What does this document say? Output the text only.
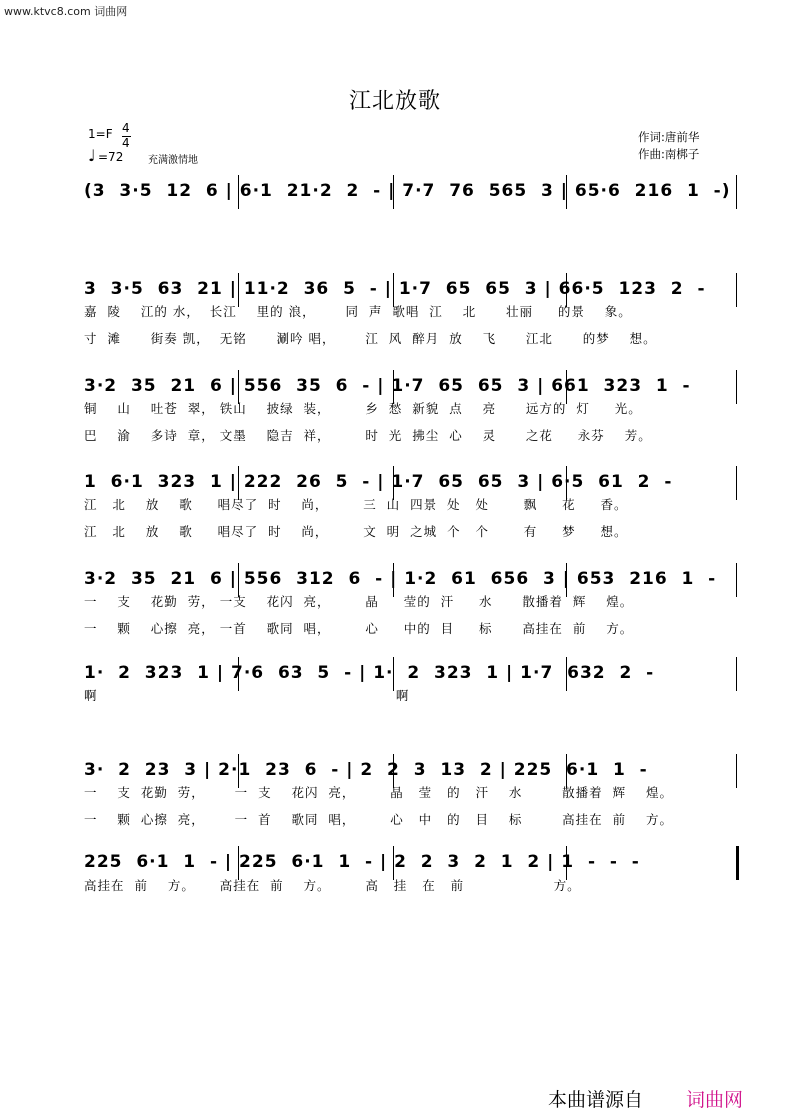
www.ktvc8.com 词曲网
江北放歌
1=F 4
4
♩ =72 充满激情地
作词:唐前华
作曲:南梆子
(3  3·5  12  6 | 6·1  21·2  2  - | 7·7  76  565  3 | 65·6  216  1  -)
3  3·5  63  21 | 11·2  36  5  - | 1·7  65  65  3 | 66·5  123  2  -
嘉  陵    江的 水，  长江    里的 浪，      同  声  歌唱  江    北      壮丽     的景    象。
寸  滩      街奏 凯，  无铭      涮吟 唱，      江  风  醉月  放    飞      江北      的梦    想。
3·2  35  21  6 | 556  35  6  - | 1·7  65  65  3 | 661  323  1  -
铜    山    吐苍  翠， 铁山    披绿  装，       乡  愁  新貌  点    亮      远方的  灯     光。
巴    渝    多诗  章， 文墨    隐吉  祥，       时  光  拂尘  心    灵      之花     永芬    芳。
1  6·1  323  1 | 222  26  5  - | 1·7  65  65  3 | 6·5  61  2  -
江   北    放    歌     唱尽了  时    尚，       三  山  四景  处   处       飘     花     香。
江   北    放    歌     唱尽了  时    尚，       文  明  之城  个   个       有     梦     想。
3·2  35  21  6 | 556  312  6  - | 1·2  61  656  3 | 653  216  1  -
一    支    花勤  劳， 一支    花闪  亮，       晶     莹的  汗     水      散播着  辉    煌。
一    颗    心擦  亮， 一首    歌同  唱，       心     中的  目     标      高挂在  前    方。
1·  2  323  1 | 7·6  63  5  - | 1·  2  323  1 | 1·7  632  2  -
啊                                                            啊
3·  2  23  3 | 2·1  23  6  - | 2  2  3  13  2 | 225  6·1  1  -
一    支  花勤  劳，      一  支    花闪  亮，       晶   莹   的   汗    水        散播着  辉    煌。
一    颗  心擦  亮，      一  首    歌同  唱，       心   中   的   目    标        高挂在  前    方。
225  6·1  1  - | 225  6·1  1  - | 2  2  3  2  1  2 | 1  -  -  -
高挂在  前    方。     高挂在  前    方。       高   挂   在   前                  方。
本曲谱源自 词曲网
